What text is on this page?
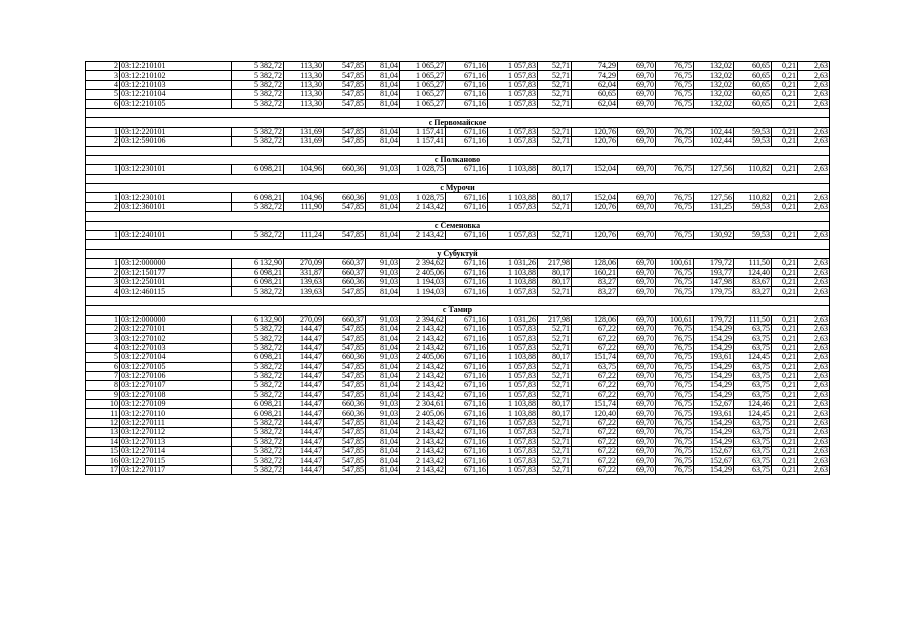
2	03:12:210101	5 382,72	113,30	547,85	81,04	1 065,27	671,16	1 057,83	52,71	74,29	69,70	76,75	132,02	60,65	0,21	2,63
3	03:12:210102	5 382,72	113,30	547,85	81,04	1 065,27	671,16	1 057,83	52,71	74,29	69,70	76,75	132,02	60,65	0,21	2,63
4	03:12:210103	5 382,72	113,30	547,85	81,04	1 065,27	671,16	1 057,83	52,71	62,04	69,70	76,75	132,02	60,65	0,21	2,63
5	03:12:210104	5 382,72	113,30	547,85	81,04	1 065,27	671,16	1 057,83	52,71	60,65	69,70	76,75	132,02	60,65	0,21	2,63
6	03:12:210105	5 382,72	113,30	547,85	81,04	1 065,27	671,16	1 057,83	52,71	62,04	69,70	76,75	132,02	60,65	0,21	2,63

с Первомайское																
1	03:12:220101	5 382,72	131,69	547,85	81,04	1 157,41	671,16	1 057,83	52,71	120,76	69,70	76,75	102,44	59,53	0,21	2,63
2	03:12:590106	5 382,72	131,69	547,85	81,04	1 157,41	671,16	1 057,83	52,71	120,76	69,70	76,75	102,44	59,53	0,21	2,63

с Полканово																
1	03:12:230101	6 098,21	104,96	660,36	91,03	1 028,75	671,16	1 103,88	80,17	152,04	69,70	76,75	127,56	110,82	0,21	2,63

с Мурочи																
1	03:12:230101	6 098,21	104,96	660,36	91,03	1 028,75	671,16	1 103,88	80,17	152,04	69,70	76,75	127,56	110,82	0,21	2,63
2	03:12:360101	5 382,72	111,90	547,85	81,04	2 143,42	671,16	1 057,83	52,71	120,76	69,70	76,75	131,25	59,53	0,21	2,63

с Семеновка																
1	03:12:240101	5 382,72	111,24	547,85	81,04	2 143,42	671,16	1 057,83	52,71	120,76	69,70	76,75	130,92	59,53	0,21	2,63

у Субуктуй																
1	03:12:000000	6 132,90	270,09	660,37	91,03	2 394,62	671,16	1 031,26	217,98	128,06	69,70	100,61	179,72	111,50	0,21	2,63
2	03:12:150177	6 098,21	331,87	660,37	91,03	2 405,06	671,16	1 103,88	80,17	160,21	69,70	76,75	193,77	124,40	0,21	2,63
3	03:12:250101	6 098,21	139,63	660,36	91,03	1 194,03	671,16	1 103,88	80,17	83,27	69,70	76,75	147,98	83,67	0,21	2,63
4	03:12:460115	5 382,72	139,63	547,85	81,04	1 194,03	671,16	1 057,83	52,71	83,27	69,70	76,75	179,75	83,27	0,21	2,63

с Тамир																
1	03:12:000000	6 132,90	270,09	660,37	91,03	2 394,62	671,16	1 031,26	217,98	128,06	69,70	100,61	179,72	111,50	0,21	2,63
2	03:12:270101	5 382,72	144,47	547,85	81,04	2 143,42	671,16	1 057,83	52,71	67,22	69,70	76,75	154,29	63,75	0,21	2,63
3	03:12:270102	5 382,72	144,47	547,85	81,04	2 143,42	671,16	1 057,83	52,71	67,22	69,70	76,75	154,29	63,75	0,21	2,63
4	03:12:270103	5 382,72	144,47	547,85	81,04	2 143,42	671,16	1 057,83	52,71	67,22	69,70	76,75	154,29	63,75	0,21	2,63
5	03:12:270104	6 098,21	144,47	660,36	91,03	2 405,06	671,16	1 103,88	80,17	151,74	69,70	76,75	193,61	124,45	0,21	2,63
6	03:12:270105	5 382,72	144,47	547,85	81,04	2 143,42	671,16	1 057,83	52,71	63,75	69,70	76,75	154,29	63,75	0,21	2,63
7	03:12:270106	5 382,72	144,47	547,85	81,04	2 143,42	671,16	1 057,83	52,71	67,22	69,70	76,75	154,29	63,75	0,21	2,63
8	03:12:270107	5 382,72	144,47	547,85	81,04	2 143,42	671,16	1 057,83	52,71	67,22	69,70	76,75	154,29	63,75	0,21	2,63
9	03:12:270108	5 382,72	144,47	547,85	81,04	2 143,42	671,16	1 057,83	52,71	67,22	69,70	76,75	154,29	63,75	0,21	2,63
10	03:12:270109	6 098,21	144,47	660,36	91,03	2 304,61	671,16	1 103,88	80,17	151,74	69,70	76,75	152,67	124,46	0,21	2,63
11	03:12:270110	6 098,21	144,47	660,36	91,03	2 405,06	671,16	1 103,88	80,17	120,40	69,70	76,75	193,61	124,45	0,21	2,63
12	03:12:270111	5 382,72	144,47	547,85	81,04	2 143,42	671,16	1 057,83	52,71	67,22	69,70	76,75	154,29	63,75	0,21	2,63
13	03:12:270112	5 382,72	144,47	547,85	81,04	2 143,42	671,16	1 057,83	52,71	67,22	69,70	76,75	154,29	63,75	0,21	2,63
14	03:12:270113	5 382,72	144,47	547,85	81,04	2 143,42	671,16	1 057,83	52,71	67,22	69,70	76,75	154,29	63,75	0,21	2,63
15	03:12:270114	5 382,72	144,47	547,85	81,04	2 143,42	671,16	1 057,83	52,71	67,22	69,70	76,75	152,67	63,75	0,21	2,63
16	03:12:270115	5 382,72	144,47	547,85	81,04	2 143,42	671,16	1 057,83	52,71	67,22	69,70	76,75	152,67	63,75	0,21	2,63
17	03:12:270117	5 382,72	144,47	547,85	81,04	2 143,42	671,16	1 057,83	52,71	67,22	69,70	76,75	154,29	63,75	0,21	2,63
